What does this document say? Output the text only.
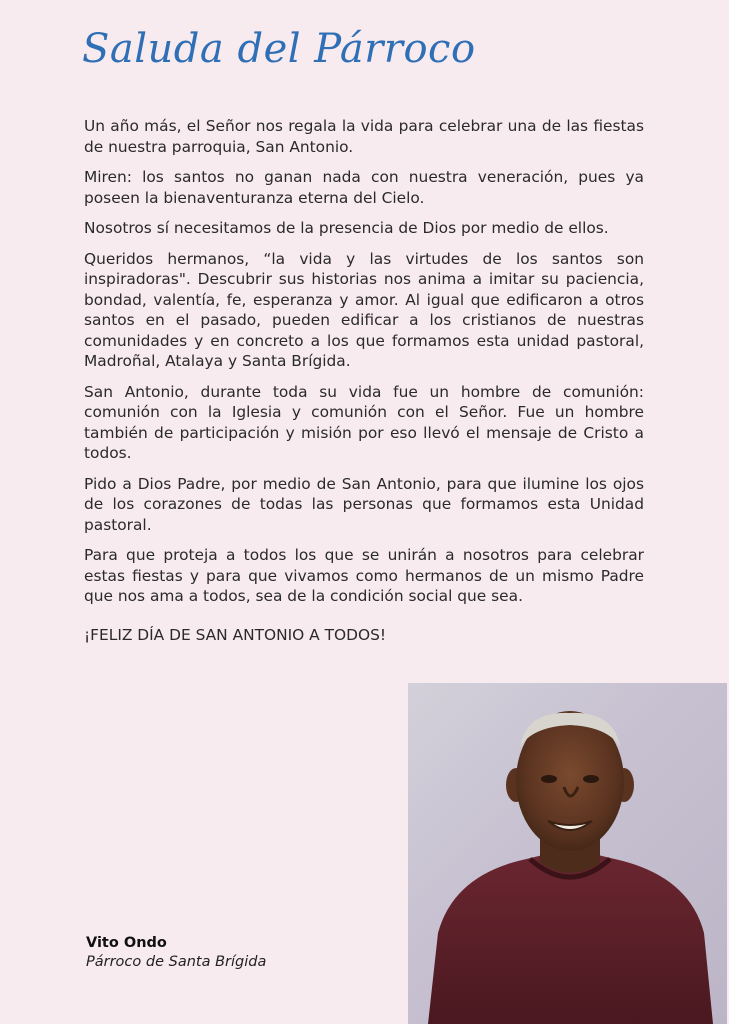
Saluda del Párroco

Un año más, el Señor nos regala la vida para celebrar una de las fiestas de nuestra parroquia, San Antonio.

Miren: los santos no ganan nada con nuestra veneración, pues ya poseen la bienaventuranza eterna del Cielo.

Nosotros sí necesitamos de la presencia de Dios por medio de ellos.

Queridos hermanos, “la vida y las virtudes de los santos son inspiradoras". Descubrir sus historias nos anima a imitar su paciencia, bondad, valentía, fe, esperanza y amor. Al igual que edificaron a otros santos en el pasado, pueden edificar a los cristianos de nuestras comunidades y en concreto a los que formamos esta unidad pastoral, Madroñal, Atalaya y Santa Brígida.

San Antonio, durante toda su vida fue un hombre de comunión: comunión con la Iglesia y comunión con el Señor. Fue un hombre también de participación y misión por eso llevó el mensaje de Cristo a todos.

Pido a Dios Padre, por medio de San Antonio, para que ilumine los ojos de los corazones de todas las personas que formamos esta Unidad pastoral.

Para que proteja a todos los que se unirán a nosotros para celebrar estas fiestas y para que vivamos como hermanos de un mismo Padre que nos ama a todos, sea de la condición social que sea.

¡FELIZ DÍA DE SAN ANTONIO A TODOS!
Vito Ondo
Párroco de Santa Brígida
